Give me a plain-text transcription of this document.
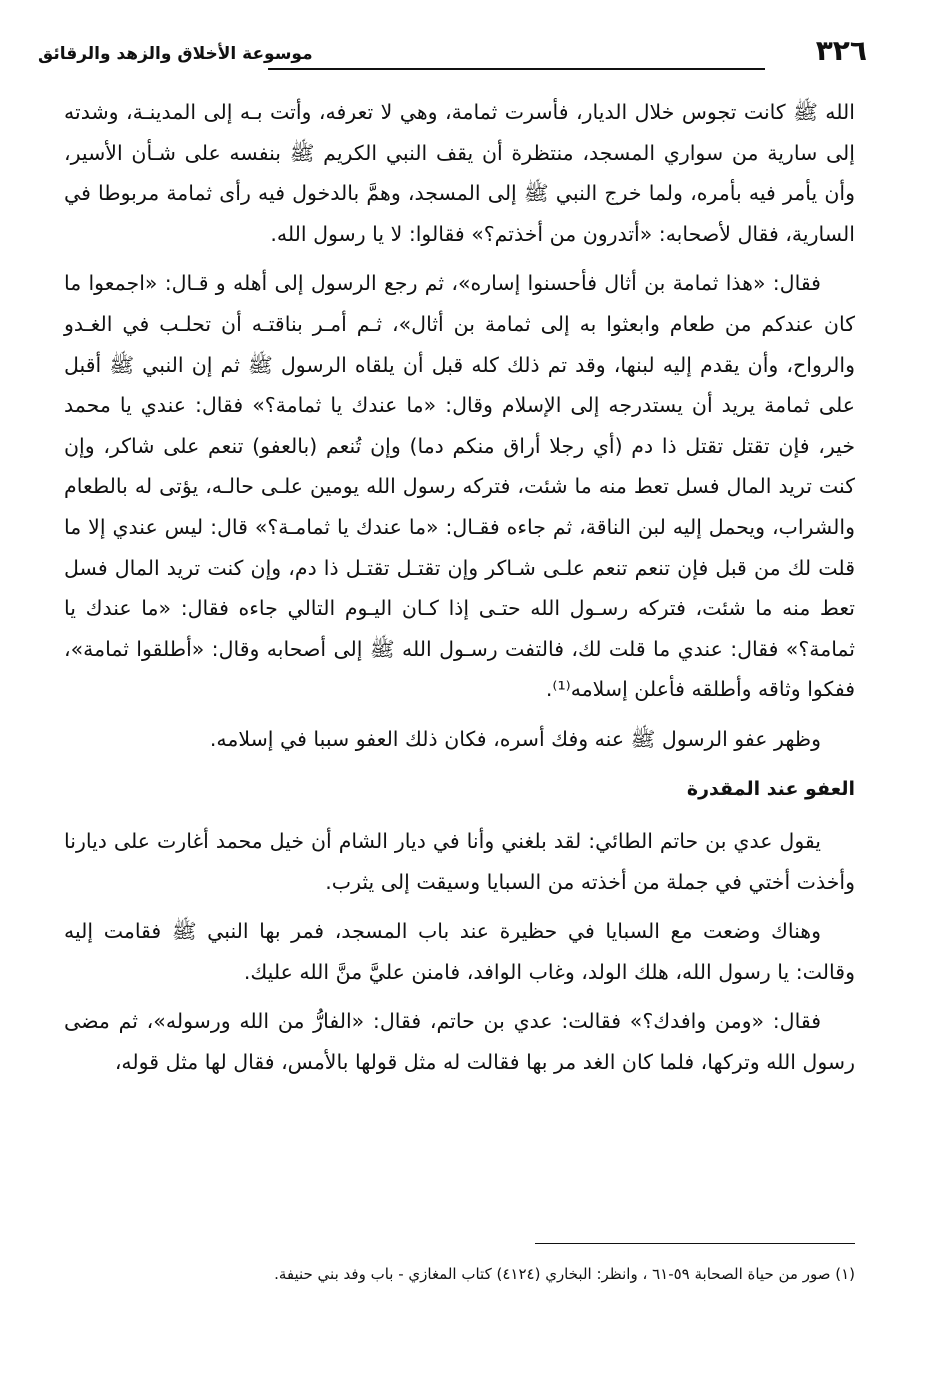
٣٢٦
موسوعة الأخلاق والزهد والرقائق

الله ﷺ كانت تجوس خلال الديار، فأسرت ثمامة، وهي لا تعرفه، وأتت بـه إلى المدينـة، وشدته إلى سارية من سواري المسجد، منتظرة أن يقف النبي الكريم ﷺ بنفسه على شـأن الأسير، وأن يأمر فيه بأمره، ولما خرج النبي ﷺ إلى المسجد، وهمَّ بالدخول فيه رأى ثمامة مربوطا في السارية، فقال لأصحابه: «أتدرون من أخذتم؟» فقالوا: لا يا رسول الله.

فقال: «هذا ثمامة بن أثال فأحسنوا إساره»، ثم رجع الرسول إلى أهله و قـال: «اجمعوا ما كان عندكم من طعام وابعثوا به إلى ثمامة بن أثال»، ثـم أمـر بناقتـه أن تحلـب في الغـدو والرواح، وأن يقدم إليه لبنها، وقد تم ذلك كله قبل أن يلقاه الرسول ﷺ ثم إن النبي ﷺ أقبل على ثمامة يريد أن يستدرجه إلى الإسلام وقال: «ما عندك يا ثمامة؟» فقال: عندي يا محمد خير، فإن تقتل تقتل ذا دم (أي رجلا أراق منكم دما) وإن تُنعم (بالعفو) تنعم على شاكر، وإن كنت تريد المال فسل تعط منه ما شئت، فتركه رسول الله يومين علـى حالـه، يؤتى له بالطعام والشراب، ويحمل إليه لبن الناقة، ثم جاءه فقـال: «ما عندك يا ثمامـة؟» قال: ليس عندي إلا ما قلت لك من قبل فإن تنعم تنعم علـى شـاكر وإن تقتـل تقتـل ذا دم، وإن كنت تريد المال فسل تعط منه ما شئت، فتركه رسـول الله حتـى إذا كـان اليـوم التالي جاءه فقال: «ما عندك يا ثمامة؟» فقال: عندي ما قلت لك، فالتفت رسـول الله ﷺ إلى أصحابه وقال: «أطلقوا ثمامة»، ففكوا وثاقه وأطلقه فأعلن إسلامه⁽¹⁾.

وظهر عفو الرسول ﷺ عنه وفك أسره، فكان ذلك العفو سببا في إسلامه.

العفو عند المقدرة

يقول عدي بن حاتم الطائي: لقد بلغني وأنا في ديار الشام أن خيل محمد أغارت على ديارنا وأخذت أختي في جملة من أخذته من السبايا وسيقت إلى يثرب.

وهناك وضعت مع السبايا في حظيرة عند باب المسجد، فمر بها النبي ﷺ فقامت إليه وقالت: يا رسول الله، هلك الولد، وغاب الوافد، فامنن عليَّ منَّ الله عليك.

فقال: «ومن وافدك؟» فقالت: عدي بن حاتم، فقال: «الفارُّ من الله ورسوله»، ثم مضى رسول الله وتركها، فلما كان الغد مر بها فقالت له مثل قولها بالأمس، فقال لها مثل قوله،

(١) صور من حياة الصحابة ٥٩-٦١ ، وانظر: البخاري (٤١٢٤) كتاب المغازي - باب وفد بني حنيفة.
